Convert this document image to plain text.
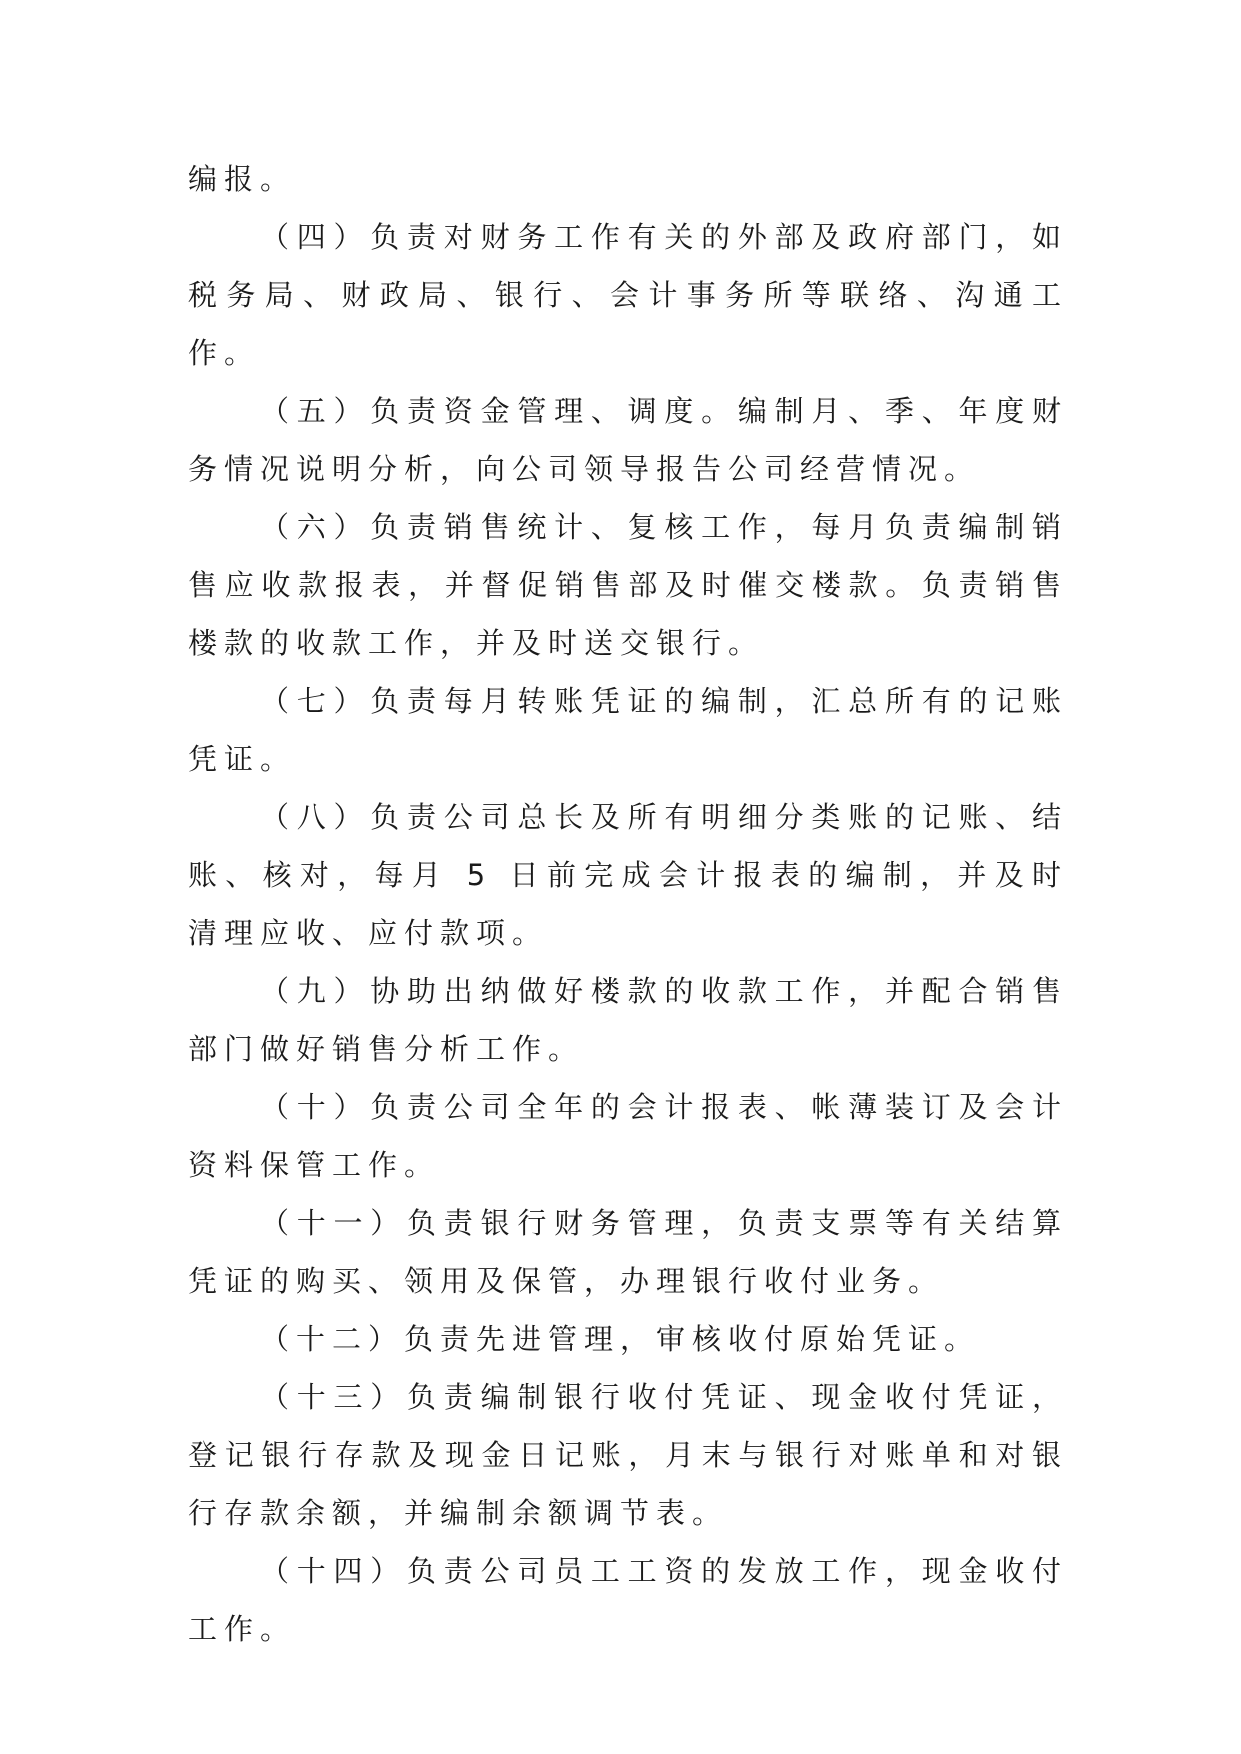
编报。

（四）负责对财务工作有关的外部及政府部门，如税务局、财政局、银行、会计事务所等联络、沟通工作。

（五）负责资金管理、调度。编制月、季、年度财务情况说明分析，向公司领导报告公司经营情况。

（六）负责销售统计、复核工作，每月负责编制销售应收款报表，并督促销售部及时催交楼款。负责销售楼款的收款工作，并及时送交银行。

（七）负责每月转账凭证的编制，汇总所有的记账凭证。

（八）负责公司总长及所有明细分类账的记账、结账、核对，每月 5 日前完成会计报表的编制，并及时清理应收、应付款项。

（九）协助出纳做好楼款的收款工作，并配合销售部门做好销售分析工作。

（十）负责公司全年的会计报表、帐薄装订及会计资料保管工作。

（十一）负责银行财务管理，负责支票等有关结算凭证的购买、领用及保管，办理银行收付业务。

（十二）负责先进管理，审核收付原始凭证。

（十三）负责编制银行收付凭证、现金收付凭证，登记银行存款及现金日记账，月末与银行对账单和对银行存款余额，并编制余额调节表。

（十四）负责公司员工工资的发放工作，现金收付工作。
